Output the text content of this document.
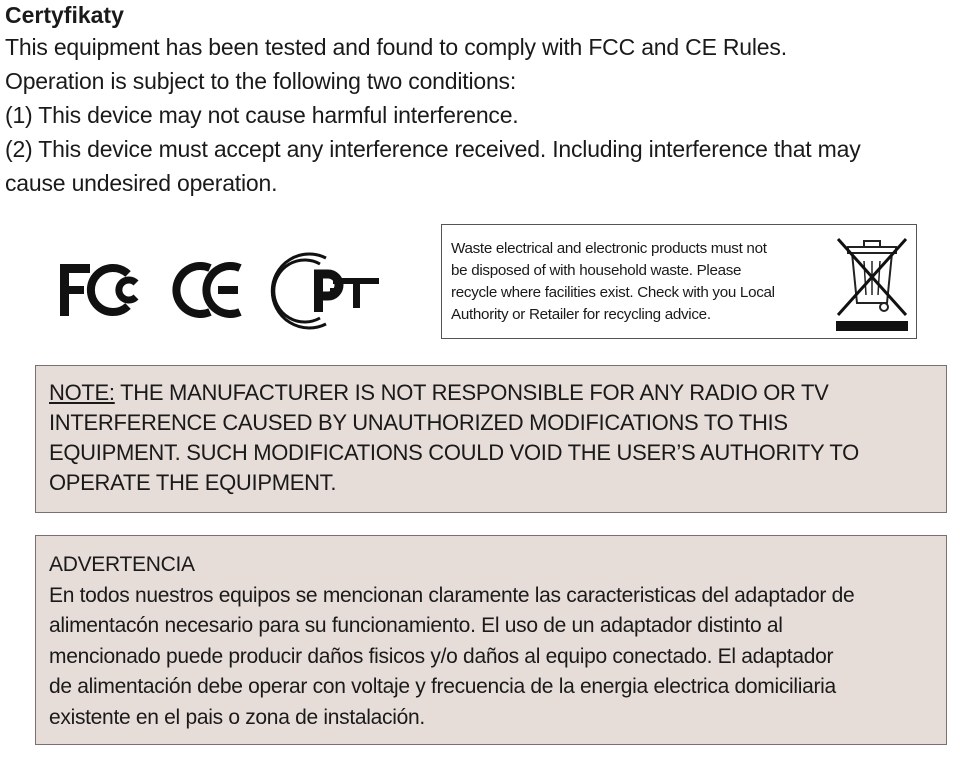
Certyfikaty
This equipment has been tested and found to comply with FCC and CE Rules.
Operation is subject to the following two conditions:
(1) This device may not cause harmful interference.
(2) This device must accept any interference received. Including interference that may
cause undesired operation.
Waste electrical and electronic products must not
be disposed of with household waste. Please
recycle where facilities exist. Check with you Local
Authority or Retailer for recycling advice.
NOTE: THE MANUFACTURER IS NOT RESPONSIBLE FOR ANY RADIO OR TV
INTERFERENCE CAUSED BY UNAUTHORIZED MODIFICATIONS TO THIS
EQUIPMENT. SUCH MODIFICATIONS COULD VOID THE USER’S AUTHORITY TO
OPERATE THE EQUIPMENT.
ADVERTENCIA
En todos nuestros equipos se mencionan claramente las caracteristicas del adaptador de
alimentacón necesario para su funcionamiento. El uso de un adaptador distinto al
mencionado puede producir daños fisicos y/o daños al equipo conectado. El adaptador
de alimentación debe operar con voltaje y frecuencia de la energia electrica domiciliaria
existente en el pais o zona de instalación.
